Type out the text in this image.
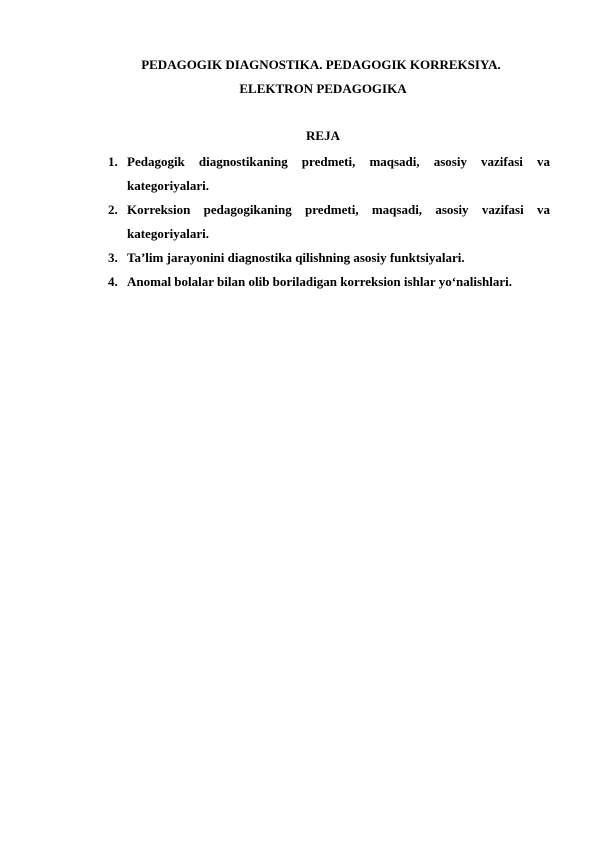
PEDAGOGIK DIAGNOSTIKA. PEDAGOGIK KORREKSIYA.
ELEKTRON PEDAGOGIKA
REJA
1. Pedagogik diagnostikaning predmeti, maqsadi, asosiy vazifasi va kategoriyalari.
2. Korreksion pedagogikaning predmeti, maqsadi, asosiy vazifasi va kategoriyalari.
3. Ta’lim jarayonini diagnostika qilishning asosiy funktsiyalari.
4. Anomal bolalar bilan olib boriladigan korreksion ishlar yo‘nalishlari.
